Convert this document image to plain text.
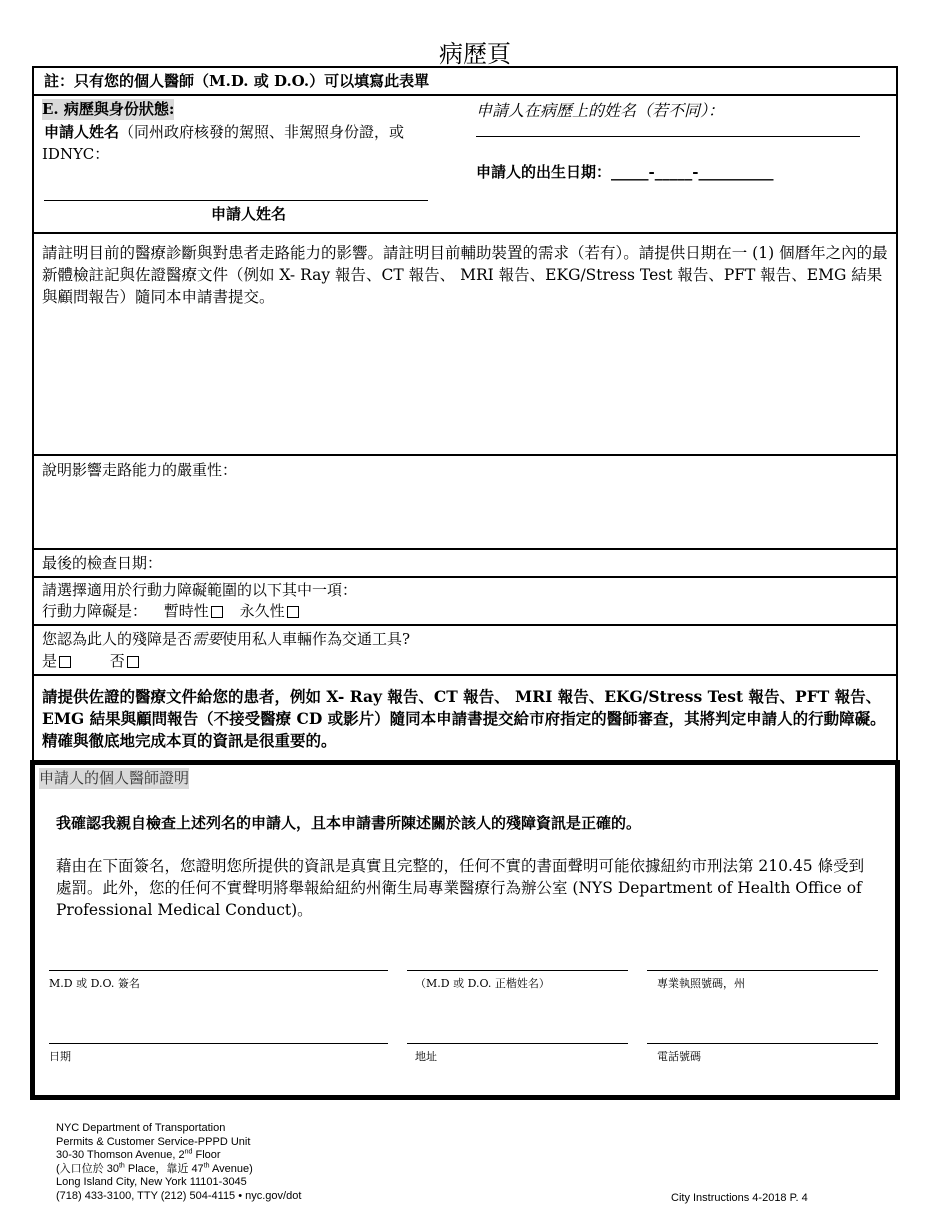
病歷頁
註：只有您的個人醫師（M.D. 或 D.O.）可以填寫此表單
E. 病歷與身份狀態:
申請人姓名（同州政府核發的駕照、非駕照身份證，或
IDNYC：
申請人姓名
申請人在病歷上的姓名（若不同）：
申請人的出生日期：_____-_____-__________
請註明目前的醫療診斷與對患者走路能力的影響。請註明目前輔助裝置的需求（若有）。請提供日期在一 (1) 個曆年之內的最新體檢註記與佐證醫療文件（例如 X- Ray 報告、CT 報告、 MRI 報告、EKG/Stress Test 報告、PFT 報告、EMG 結果與顧問報告）隨同本申請書提交。
說明影響走路能力的嚴重性：
最後的檢查日期：
請選擇適用於行動力障礙範圍的以下其中一項：
行動力障礙是： 暫時性 永久性
您認為此人的殘障是否需要使用私人車輛作為交通工具?
是	否
請提供佐證的醫療文件給您的患者，例如 X- Ray 報告、CT 報告、 MRI 報告、EKG/Stress Test 報告、PFT 報告、EMG 結果與顧問報告（不接受醫療 CD 或影片）隨同本申請書提交給市府指定的醫師審查，其將判定申請人的行動障礙。精確與徹底地完成本頁的資訊是很重要的。
申請人的個人醫師證明
我確認我親自檢查上述列名的申請人，且本申請書所陳述關於該人的殘障資訊是正確的。
藉由在下面簽名，您證明您所提供的資訊是真實且完整的，任何不實的書面聲明可能依據紐約市刑法第 210.45 條受到處罰。此外，您的任何不實聲明將舉報給紐約州衛生局專業醫療行為辦公室 (NYS Department of Health Office of Professional Medical Conduct)。
M.D 或 D.O. 簽名	（M.D 或 D.O. 正楷姓名）	專業執照號碼，州
日期	地址	電話號碼
NYC Department of Transportation
Permits & Customer Service-PPPD Unit
30-30 Thomson Avenue, 2nd Floor
(入口位於 30th Place，靠近 47th Avenue)
Long Island City, New York 11101-3045
(718) 433-3100, TTY (212) 504-4115 • nyc.gov/dot	City Instructions 4-2018 P. 4
